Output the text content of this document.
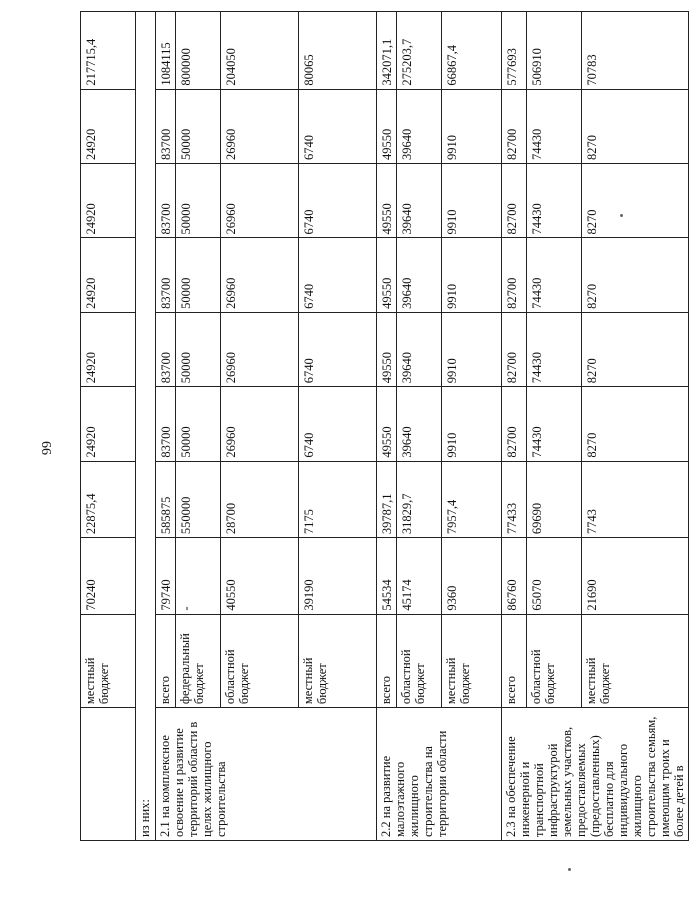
66
	местный бюджет	70240	22875,4	24920	24920	24920	24920	24920	217715,4
из них:									
2.1 на комплексное освоение и развитие территорий области в целях жилищного строительства	всего	79740	585875	83700	83700	83700	83700	83700	1084115
	федеральный бюджет	-	550000	50000	50000	50000	50000	50000	800000
	областной бюджет	40550	28700	26960	26960	26960	26960	26960	204050
	местный бюджет	39190	7175	6740	6740	6740	6740	6740	80065
2.2 на развитие малоэтажного жилищного строительства на территории области	всего	54534	39787,1	49550	49550	49550	49550	49550	342071,1
	областной бюджет	45174	31829,7	39640	39640	39640	39640	39640	275203,7
	местный бюджет	9360	7957,4	9910	9910	9910	9910	9910	66867,4
2.3 на обеспечение инженерной и транспортной инфраструктурой земельных участков, предоставляемых (предоставленных) бесплатно для индивидуального жилищного строительства семьям, имеющим троих и более детей в	всего	86760	77433	82700	82700	82700	82700	82700	577693
	областной бюджет	65070	69690	74430	74430	74430	74430	74430	506910
	местный бюджет	21690	7743	8270	8270	8270	8270	8270	70783
